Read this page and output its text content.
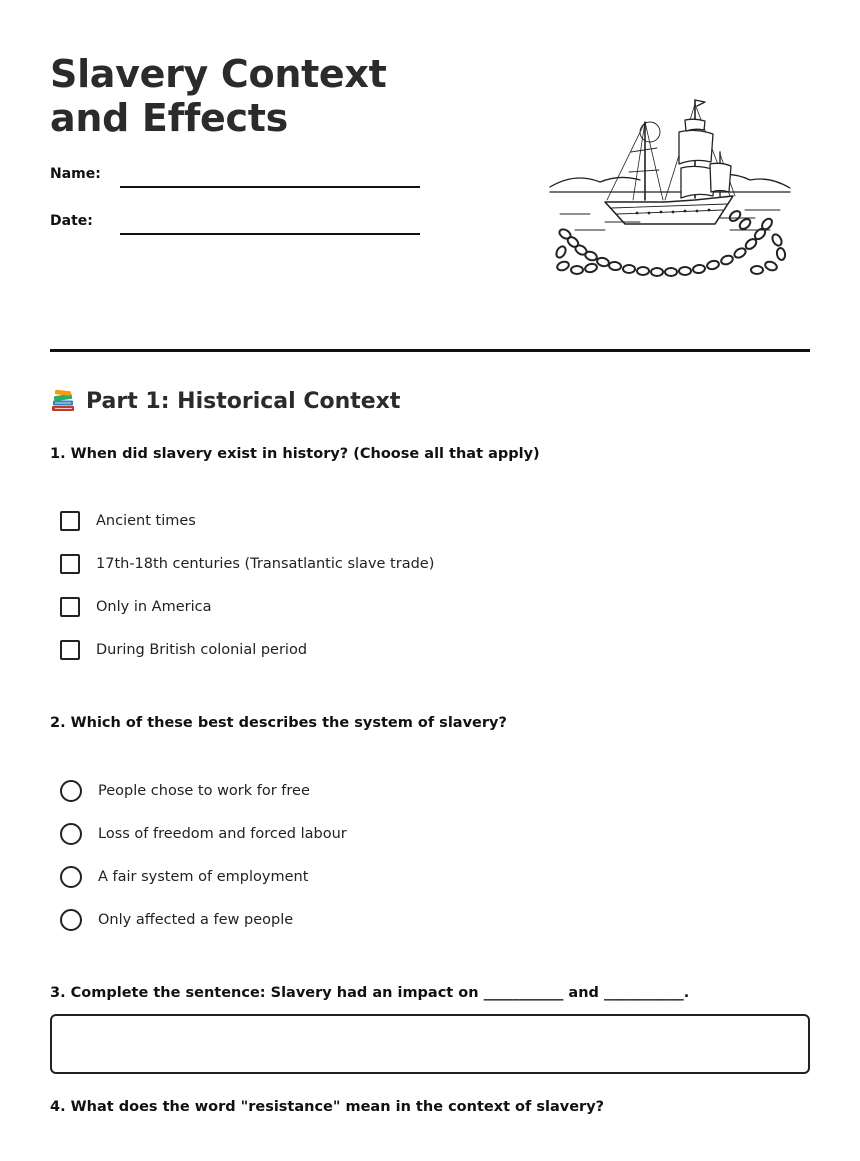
Slavery Context and Effects
Name:
Date:
Part 1: Historical Context

1. When did slavery exist in history? (Choose all that apply)

Ancient times
17th-18th centuries (Transatlantic slave trade)
Only in America
During British colonial period

2. Which of these best describes the system of slavery?

People chose to work for free
Loss of freedom and forced labour
A fair system of employment
Only affected a few people

3. Complete the sentence: Slavery had an impact on ___________ and ___________.

4. What does the word "resistance" mean in the context of slavery?
